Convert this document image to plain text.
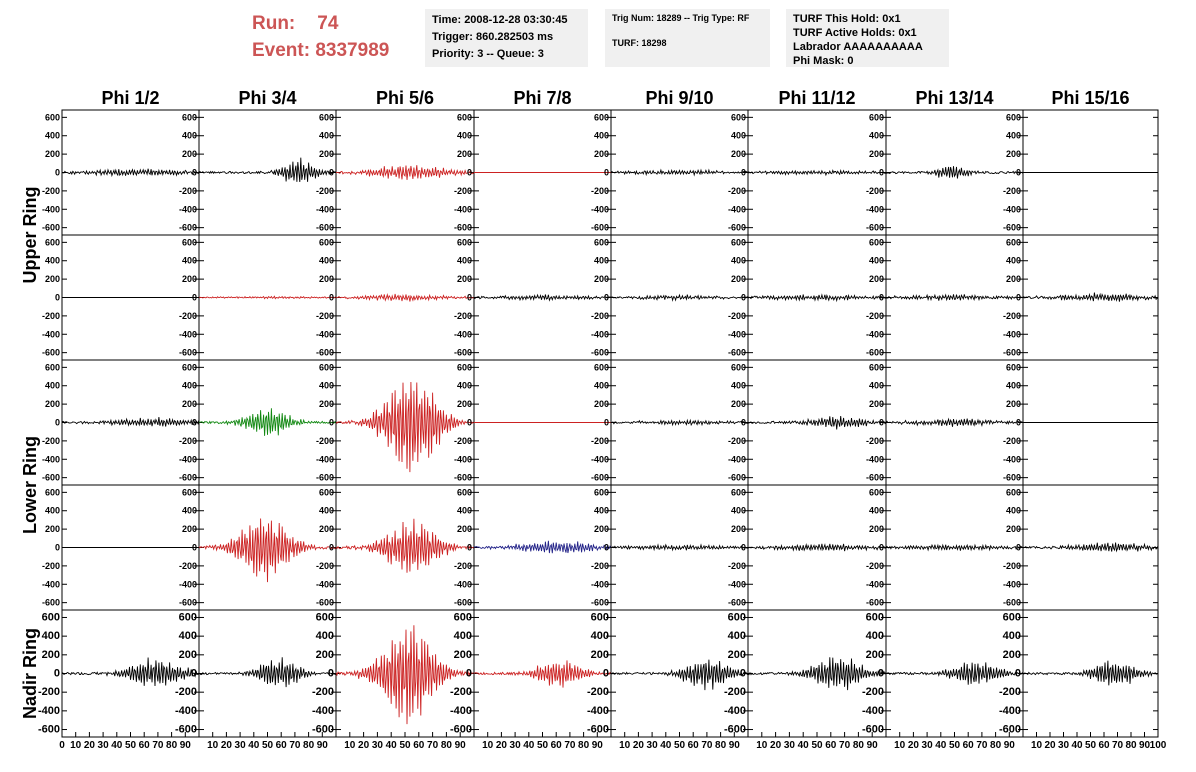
Run: 74
Event: 8337989
Time: 2008-12-28 03:30:45
Trigger: 860.282503 ms
Priority: 3 -- Queue: 3
Trig Num: 18289 -- Trig Type: RF
TURF: 18298
TURF This Hold: 0x1
TURF Active Holds: 0x1
Labrador AAAAAAAAAA
Phi Mask: 0
Phi 1/2	Phi 3/4	Phi 5/6	Phi 7/8	Phi 9/10	Phi 11/12	Phi 13/14	Phi 15/16
Upper Ring
Lower Ring
Nadir Ring
-600
-400
-200
0
200
400
600
-600
-400
-200
0
200
400
600
-600
-400
-200
0
200
400
600
-600
-400
-200
0
200
400
600
-600
-400
-200
0
200
400
600
-600
-400
-200
0
200
400
600
-600
-400
-200
0
200
400
600
-600
-400
-200
0
200
400
600
-600
-400
-200
0
200
400
600
-600
-400
-200
0
200
400
600
-600
-400
-200
0
200
400
600
-600
-400
-200
0
200
400
600
-600
-400
-200
0
200
400
600
-600
-400
-200
0
200
400
600
-600
-400
-200
0
200
400
600
-600
-400
-200
0
200
400
600
-600
-400
-200
0
200
400
600
-600
-400
-200
0
200
400
600
-600
-400
-200
0
200
400
600
-600
-400
-200
0
200
400
600
-600
-400
-200
0
200
400
600
-600
-400
-200
0
200
400
600
-600
-400
-200
0
200
400
600
-600
-400
-200
0
200
400
600
-600
-400
-200
0
200
400
600
-600
-400
-200
0
200
400
600
-600
-400
-200
0
200
400
600
-600
-400
-200
0
200
400
600
-600
-400
-200
0
200
400
600
-600
-400
-200
0
200
400
600
-600
-400
-200
0
200
400
600
-600
-400
-200
0
200
400
600
-600
-400
-200
0
200
400
600
-600
-400
-200
0
200
400
600
-600
-400
-200
0
200
400
600
-600
-400
-200
0
200
400
600
-600
-400
-200
0
200
400
600
-600
-400
-200
0
200
400
600
-600
-400
-200
0
200
400
600
-600
-400
-200
0
200
400
600
0 10 20 30 40 50 60 70 80 90 10 20 30 40 50 60 70 80 90 10 20 30 40 50 60 70 80 90 10 20 30 40 50 60 70 80 90 10 20 30 40 50 60 70 80 90 10 20 30 40 50 60 70 80 90 10 20 30 40 50 60 70 80 90 10 20 30 40 50 60 70 80 90 100
